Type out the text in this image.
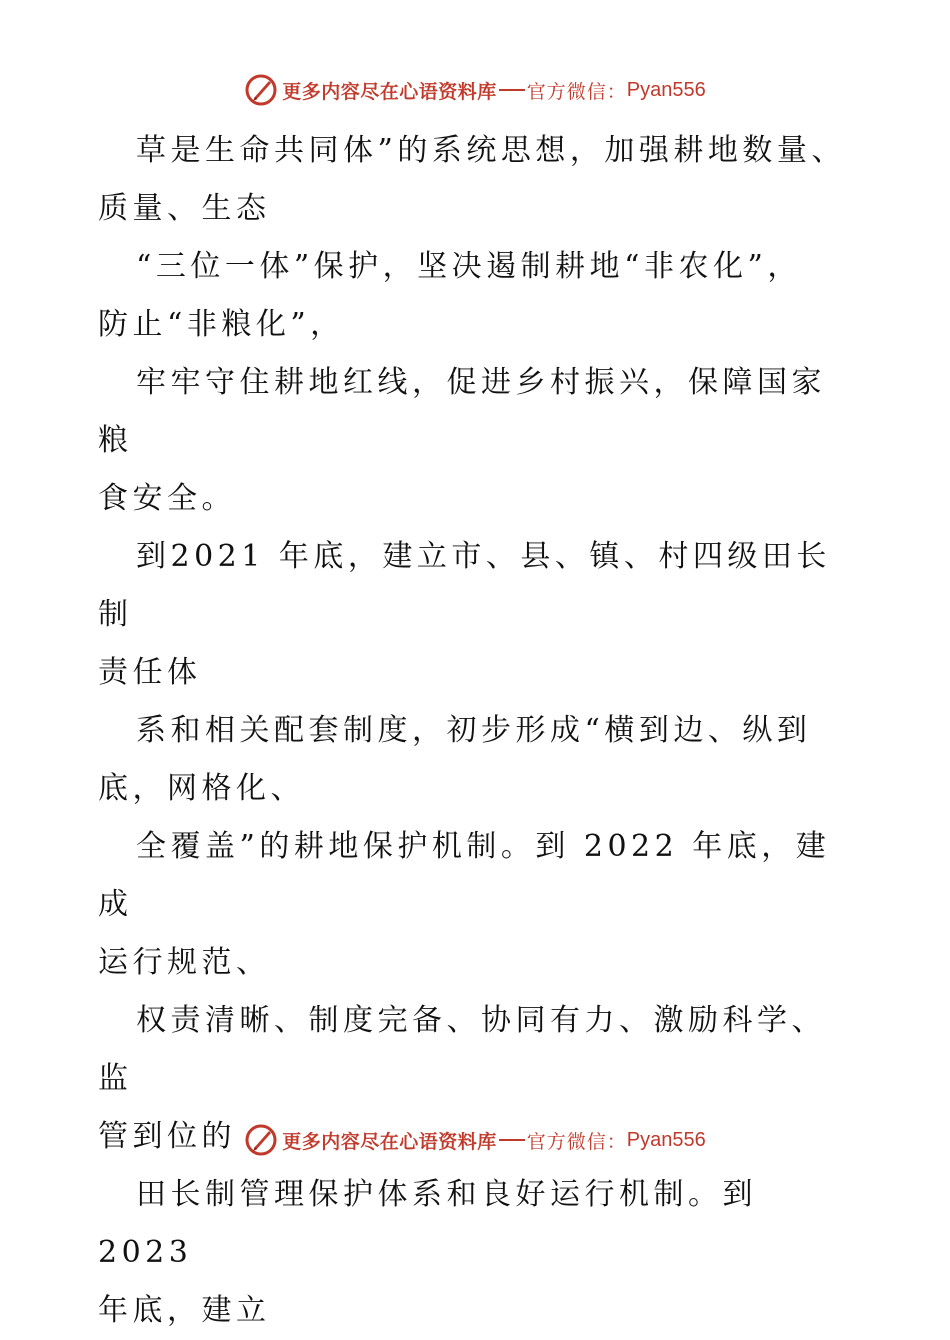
更多内容尽在心语资料库 官方微信： Pyan556

草是生命共同体”的系统思想，加强耕地数量、
质量、生态

“三位一体”保护，坚决遏制耕地“非农化”，
防止“非粮化”，

牢牢守住耕地红线，促进乡村振兴，保障国家粮
食安全。

到2021 年底，建立市、县、镇、村四级田长制
责任体

系和相关配套制度，初步形成“横到边、纵到
底，网格化、

全覆盖”的耕地保护机制。到 2022 年底，建成
运行规范、

权责清晰、制度完备、协同有力、激励科学、监
管到位的

田长制管理保护体系和良好运行机制。到 2023
年底，建立

更多内容尽在心语资料库 官方微信： Pyan556
